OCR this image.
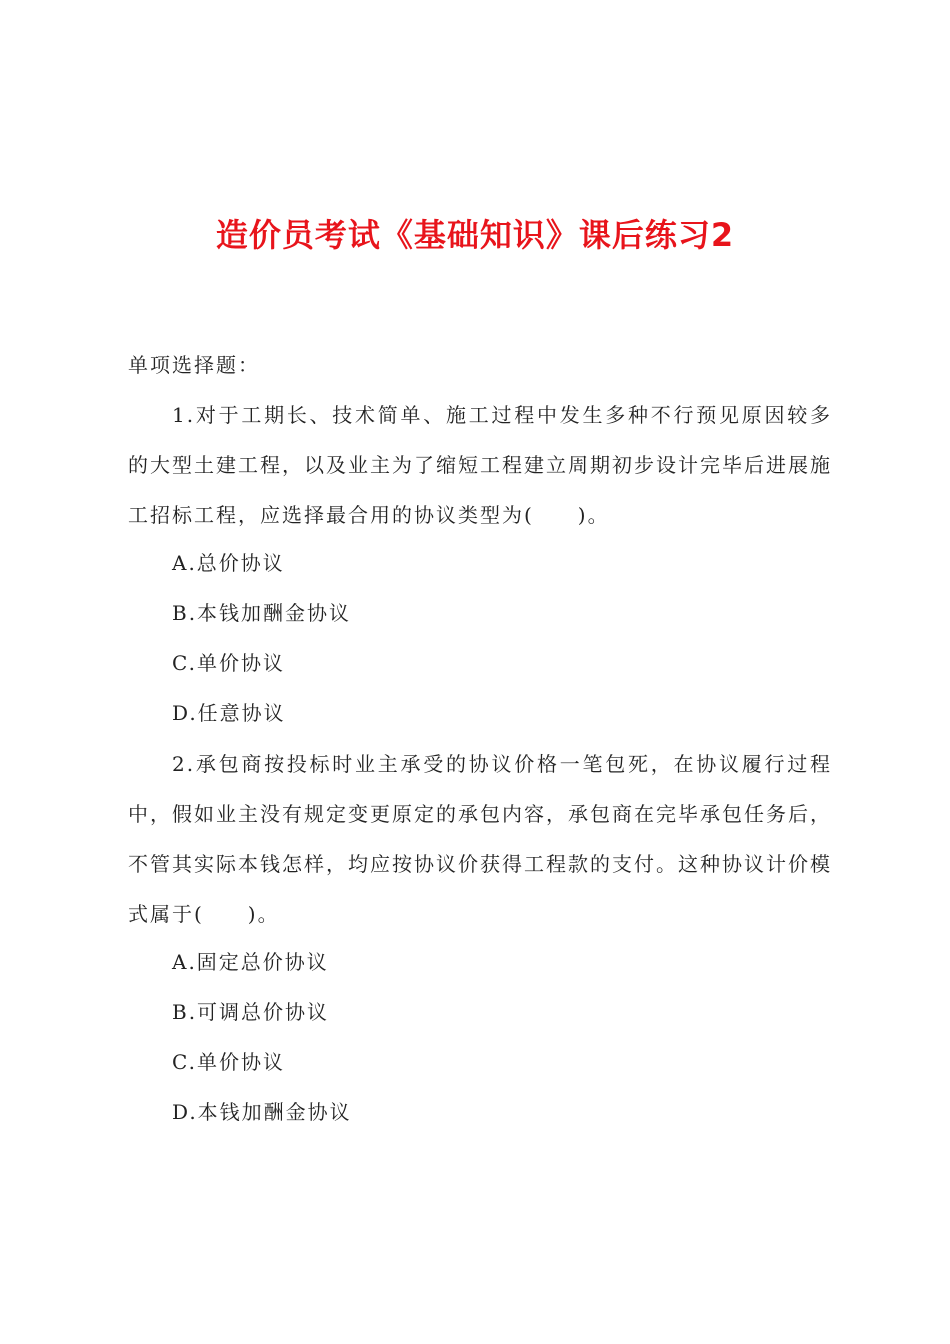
造价员考试《基础知识》课后练习2
单项选择题：

1.对于工期长、技术简单、施工过程中发生多种不行预见原因较多的大型土建工程，以及业主为了缩短工程建立周期初步设计完毕后进展施工招标工程，应选择最合用的协议类型为(　　)。

A.总价协议
B.本钱加酬金协议
C.单价协议
D.任意协议

2.承包商按投标时业主承受的协议价格一笔包死，在协议履行过程中，假如业主没有规定变更原定的承包内容，承包商在完毕承包任务后，不管其实际本钱怎样，均应按协议价获得工程款的支付。这种协议计价模式属于(　　)。

A.固定总价协议
B.可调总价协议
C.单价协议
D.本钱加酬金协议
